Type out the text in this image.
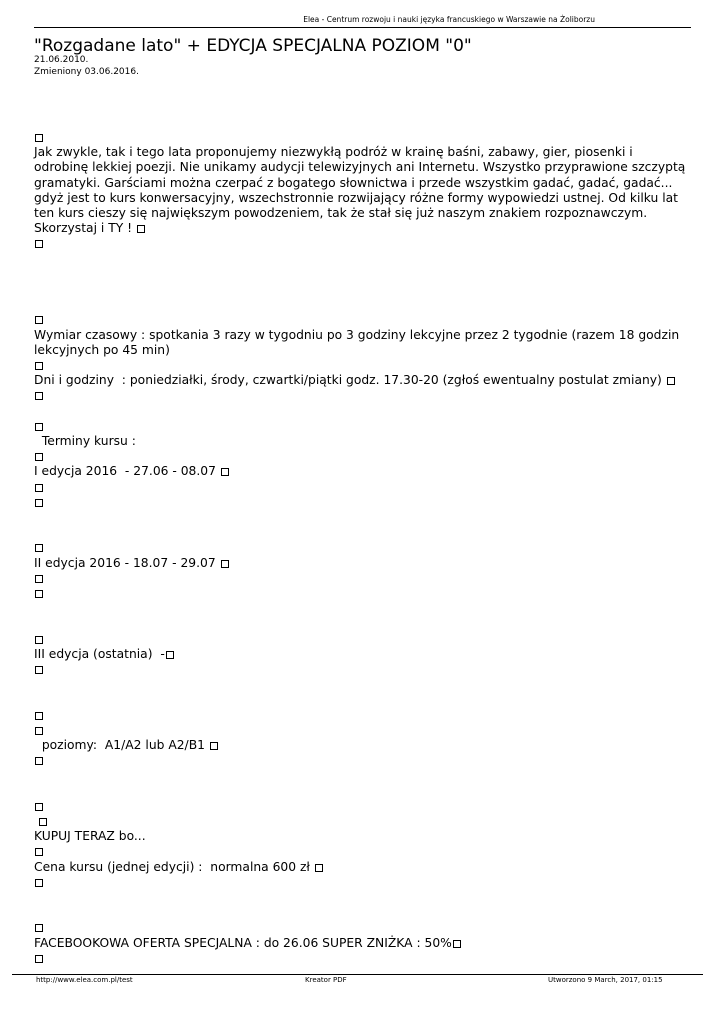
Elea - Centrum rozwoju i nauki języka francuskiego w Warszawie na Żoliborzu
"Rozgadane lato" + EDYCJA SPECJALNA POZIOM "0"
21.06.2010.
Zmieniony 03.06.2016.
Jak zwykle, tak i tego lata proponujemy niezwykłą podróż w krainę baśni, zabawy, gier, piosenki i odrobinę lekkiej poezji. Nie unikamy audycji telewizyjnych ani Internetu. Wszystko przyprawione szczyptą gramatyki. Garściami można czerpać z bogatego słownictwa i przede wszystkim gadać, gadać, gadać... gdyż jest to kurs konwersacyjny, wszechstronnie rozwijający różne formy wypowiedzi ustnej. Od kilku lat ten kurs cieszy się największym powodzeniem, tak że stał się już naszym znakiem rozpoznawczym. Skorzystaj i TY !
Wymiar czasowy : spotkania 3 razy w tygodniu po 3 godziny lekcyjne przez 2 tygodnie (razem 18 godzin lekcyjnych po 45 min)
Dni i godziny  : poniedziałki, środy, czwartki/piątki godz. 17.30-20 (zgłoś ewentualny postulat zmiany)
Terminy kursu :
I edycja 2016  - 27.06 - 08.07
II edycja 2016 - 18.07 - 29.07
III edycja (ostatnia)  -
poziomy:  A1/A2 lub A2/B1

KUPUJ TERAZ bo...
Cena kursu (jednej edycji) :  normalna 600 zł
FACEBOOKOWA OFERTA SPECJALNA : do 26.06 SUPER ZNIŻKA : 50%
http://www.elea.com.pl/test	Kreator PDF	Utworzono 9 March, 2017, 01:15
